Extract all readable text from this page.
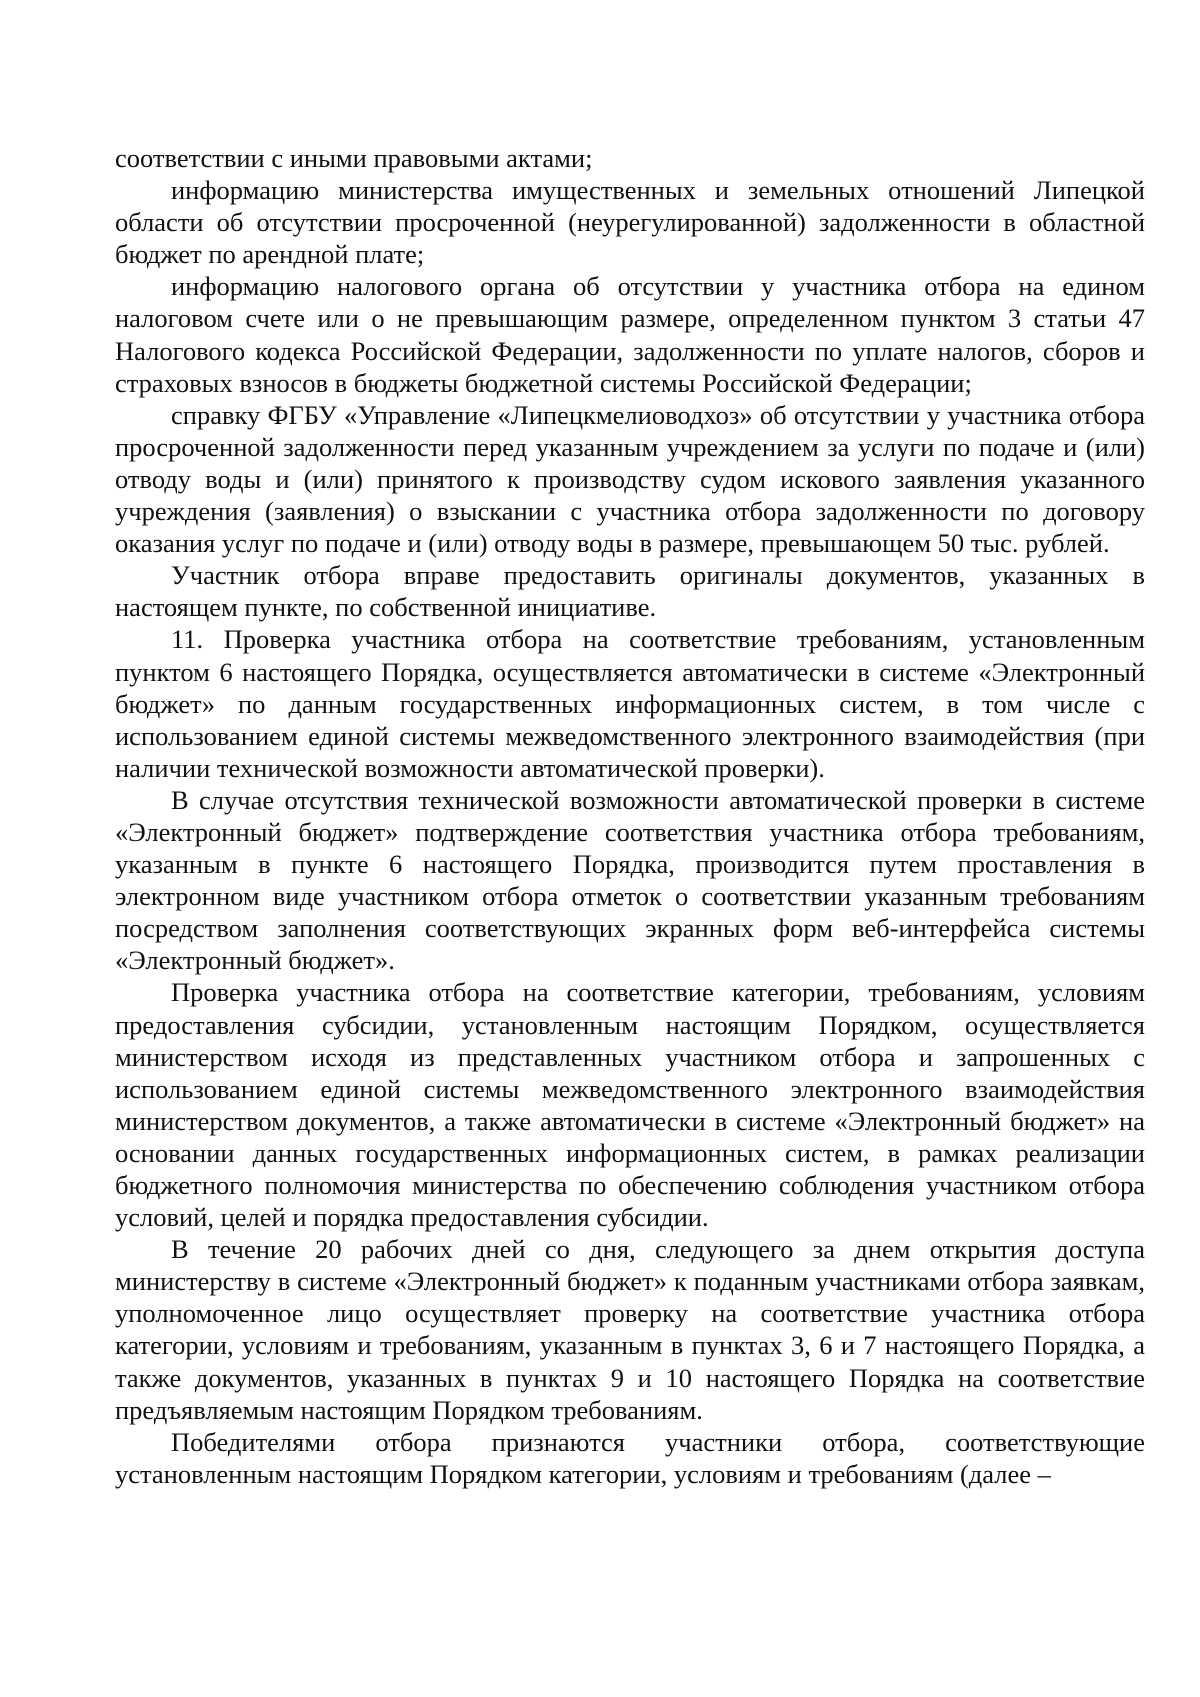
соответствии с иными правовыми актами;

информацию министерства имущественных и земельных отношений Липецкой области об отсутствии просроченной (неурегулированной) задолженности в областной бюджет по арендной плате;

информацию налогового органа об отсутствии у участника отбора на едином налоговом счете или о не превышающим размере, определенном пунктом 3 статьи 47 Налогового кодекса Российской Федерации, задолженности по уплате налогов, сборов и страховых взносов в бюджеты бюджетной системы Российской Федерации;

справку ФГБУ «Управление «Липецкмелиоводхоз» об отсутствии у участника отбора просроченной задолженности перед указанным учреждением за услуги по подаче и (или) отводу воды и (или) принятого к производству судом искового заявления указанного учреждения (заявления) о взыскании с участника отбора задолженности по договору оказания услуг по подаче и (или) отводу воды в размере, превышающем 50 тыс. рублей.

Участник отбора вправе предоставить оригиналы документов, указанных в настоящем пункте, по собственной инициативе.

11. Проверка участника отбора на соответствие требованиям, установленным пунктом 6 настоящего Порядка, осуществляется автоматически в системе «Электронный бюджет» по данным государственных информационных систем, в том числе с использованием единой системы межведомственного электронного взаимодействия (при наличии технической возможности автоматической проверки).

В случае отсутствия технической возможности автоматической проверки в системе «Электронный бюджет» подтверждение соответствия участника отбора требованиям, указанным в пункте 6 настоящего Порядка, производится путем проставления в электронном виде участником отбора отметок о соответствии указанным требованиям посредством заполнения соответствующих экранных форм веб-интерфейса системы «Электронный бюджет».

Проверка участника отбора на соответствие категории, требованиям, условиям предоставления субсидии, установленным настоящим Порядком, осуществляется министерством исходя из представленных участником отбора и запрошенных с использованием единой системы межведомственного электронного взаимодействия министерством документов, а также автоматически в системе «Электронный бюджет» на основании данных государственных информационных систем, в рамках реализации бюджетного полномочия министерства по обеспечению соблюдения участником отбора условий, целей и порядка предоставления субсидии.

В течение 20 рабочих дней со дня, следующего за днем открытия доступа министерству в системе «Электронный бюджет» к поданным участниками отбора заявкам, уполномоченное лицо осуществляет проверку на соответствие участника отбора категории, условиям и требованиям, указанным в пунктах 3, 6 и 7 настоящего Порядка, а также документов, указанных в пунктах 9 и 10 настоящего Порядка на соответствие предъявляемым настоящим Порядком требованиям.

Победителями отбора признаются участники отбора, соответствующие установленным настоящим Порядком категории, условиям и требованиям (далее –
